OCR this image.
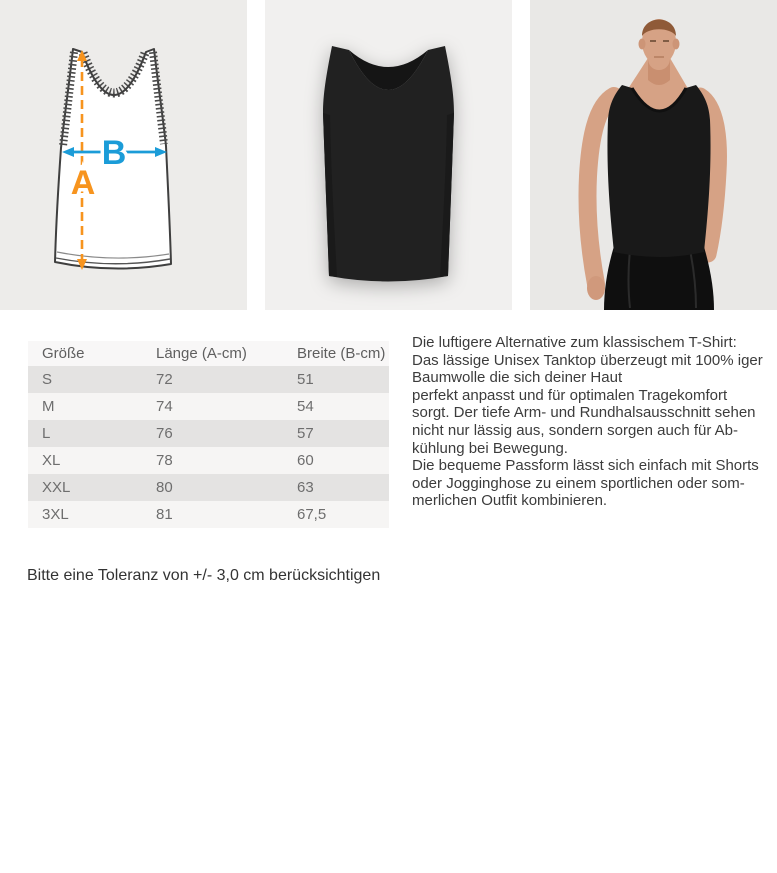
A
B
Größe	Länge (A-cm)	Breite (B-cm)
S	72	51
M	74	54
L	76	57
XL	78	60
XXL	80	63
3XL	81	67,5
Die luftigere Alternative zum klassischem T-Shirt:
Das lässige Unisex Tanktop überzeugt mit 100% iger
Baumwolle die sich deiner Haut
perfekt anpasst und für optimalen Tragekomfort
sorgt. Der tiefe Arm- und Rundhalsausschnitt sehen
nicht nur lässig aus, sondern sorgen auch für Ab-
kühlung bei Bewegung.
Die bequeme Passform lässt sich einfach mit Shorts
oder Jogginghose zu einem sportlichen oder som-
merlichen Outfit kombinieren.
Bitte eine Toleranz von +/- 3,0 cm berücksichtigen
